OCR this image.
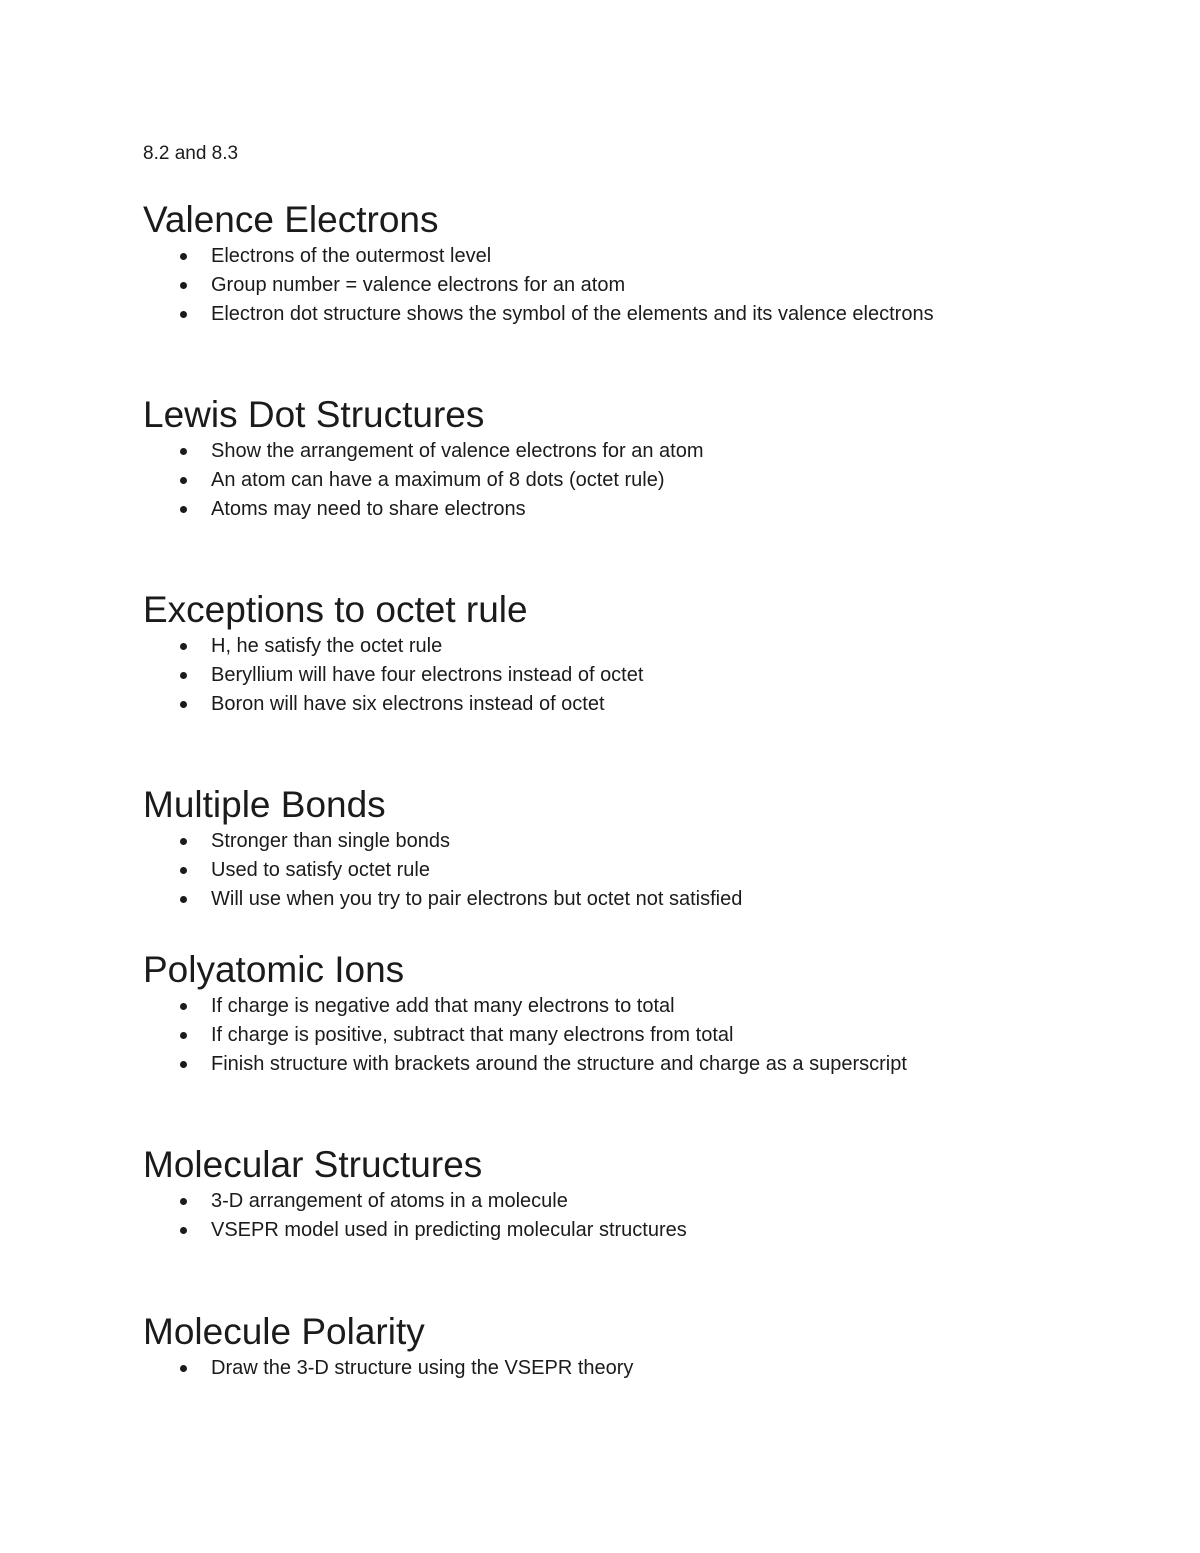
8.2 and 8.3

Valence Electrons
Electrons of the outermost level
Group number = valence electrons for an atom
Electron dot structure shows the symbol of the elements and its valence electrons
Lewis Dot Structures
Show the arrangement of valence electrons for an atom
An atom can have a maximum of 8 dots (octet rule)
Atoms may need to share electrons
Exceptions to octet rule
H, he satisfy the octet rule
Beryllium will have four electrons instead of octet
Boron will have six electrons instead of octet
Multiple Bonds
Stronger than single bonds
Used to satisfy octet rule
Will use when you try to pair electrons but octet not satisfied
Polyatomic Ions
If charge is negative add that many electrons to total
If charge is positive, subtract that many electrons from total
Finish structure with brackets around the structure and charge as a superscript
Molecular Structures
3-D arrangement of atoms in a molecule
VSEPR model used in predicting molecular structures
Molecule Polarity
Draw the 3-D structure using the VSEPR theory
